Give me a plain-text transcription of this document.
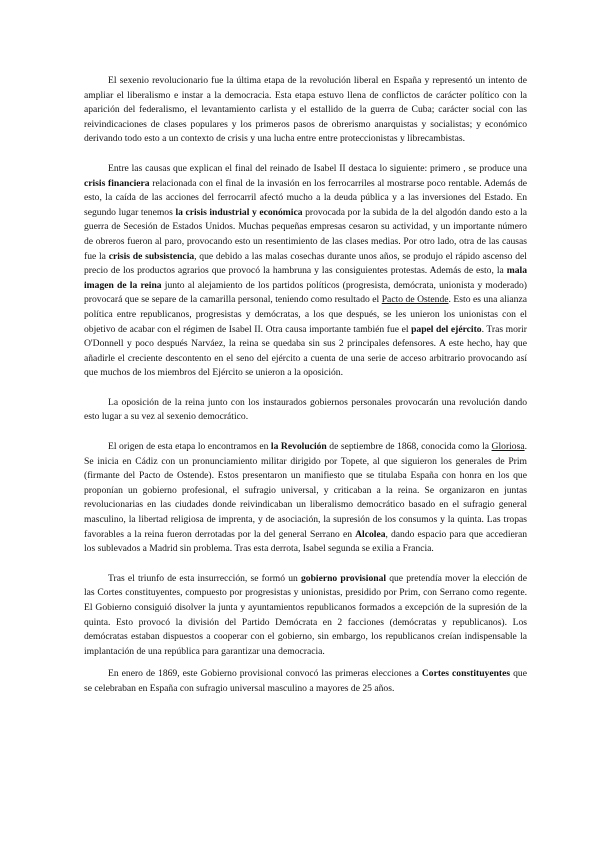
El sexenio revolucionario fue la última etapa de la revolución liberal en España y representó un intento de ampliar el liberalismo e instar a la democracia. Esta etapa estuvo llena de conflictos de carácter político con la aparición del federalismo, el levantamiento carlista y el estallido de la guerra de Cuba; carácter social con las reivindicaciones de clases populares y los primeros pasos de obrerismo anarquistas y socialistas; y económico derivando todo esto a un contexto de crisis y una lucha entre entre proteccionistas y librecambistas.

Entre las causas que explican el final del reinado de Isabel II destaca lo siguiente: primero , se produce una crisis financiera relacionada con el final de la invasión en los ferrocarriles al mostrarse poco rentable. Además de esto, la caída de las acciones del ferrocarril afectó mucho a la deuda pública y a las inversiones del Estado. En segundo lugar tenemos la crisis industrial y económica provocada por la subida de la del algodón dando esto a la guerra de Secesión de Estados Unidos. Muchas pequeñas empresas cesaron su actividad, y un importante número de obreros fueron al paro, provocando esto un resentimiento de las clases medias. Por otro lado, otra de las causas fue la crisis de subsistencia, que debido a las malas cosechas durante unos años, se produjo el rápido ascenso del precio de los productos agrarios que provocó la hambruna y las consiguientes protestas. Además de esto, la mala imagen de la reina junto al alejamiento de los partidos políticos (progresista, demócrata, unionista y moderado) provocará que se separe de la camarilla personal, teniendo como resultado el Pacto de Ostende. Esto es una alianza política entre republicanos, progresistas y demócratas, a los que después, se les unieron los unionistas con el objetivo de acabar con el régimen de Isabel II. Otra causa importante también fue el papel del ejército. Tras morir O'Donnell y poco después Narváez, la reina se quedaba sin sus 2 principales defensores. A este hecho, hay que añadirle el creciente descontento en el seno del ejército a cuenta de una serie de acceso arbitrario provocando así que muchos de los miembros del Ejército se unieron a la oposición.

La oposición de la reina junto con los instaurados gobiernos personales provocarán una revolución dando esto lugar a su vez al sexenio democrático.

El origen de esta etapa lo encontramos en la Revolución de septiembre de 1868, conocida como la Gloriosa. Se inicia en Cádiz con un pronunciamiento militar dirigido por Topete, al que siguieron los generales de Prim (firmante del Pacto de Ostende). Estos presentaron un manifiesto que se titulaba España con honra en los que proponían un gobierno profesional, el sufragio universal, y criticaban a la reina. Se organizaron en juntas revolucionarias en las ciudades donde reivindicaban un liberalismo democrático basado en el sufragio general masculino, la libertad religiosa de imprenta, y de asociación, la supresión de los consumos y la quinta. Las tropas favorables a la reina fueron derrotadas por la del general Serrano en Alcolea, dando espacio para que accedieran los sublevados a Madrid sin problema. Tras esta derrota, Isabel segunda se exilia a Francia.

Tras el triunfo de esta insurrección, se formó un gobierno provisional que pretendía mover la elección de las Cortes constituyentes, compuesto por progresistas y unionistas, presidido por Prim, con Serrano como regente. El Gobierno consiguió disolver la junta y ayuntamientos republicanos formados a excepción de la supresión de la quinta. Esto provocó la división del Partido Demócrata en 2 facciones (demócratas y republicanos). Los demócratas estaban dispuestos a cooperar con el gobierno, sin embargo, los republicanos creían indispensable la implantación de una república para garantizar una democracia.

En enero de 1869, este Gobierno provisional convocó las primeras elecciones a Cortes constituyentes que se celebraban en España con sufragio universal masculino a mayores de 25 años.
